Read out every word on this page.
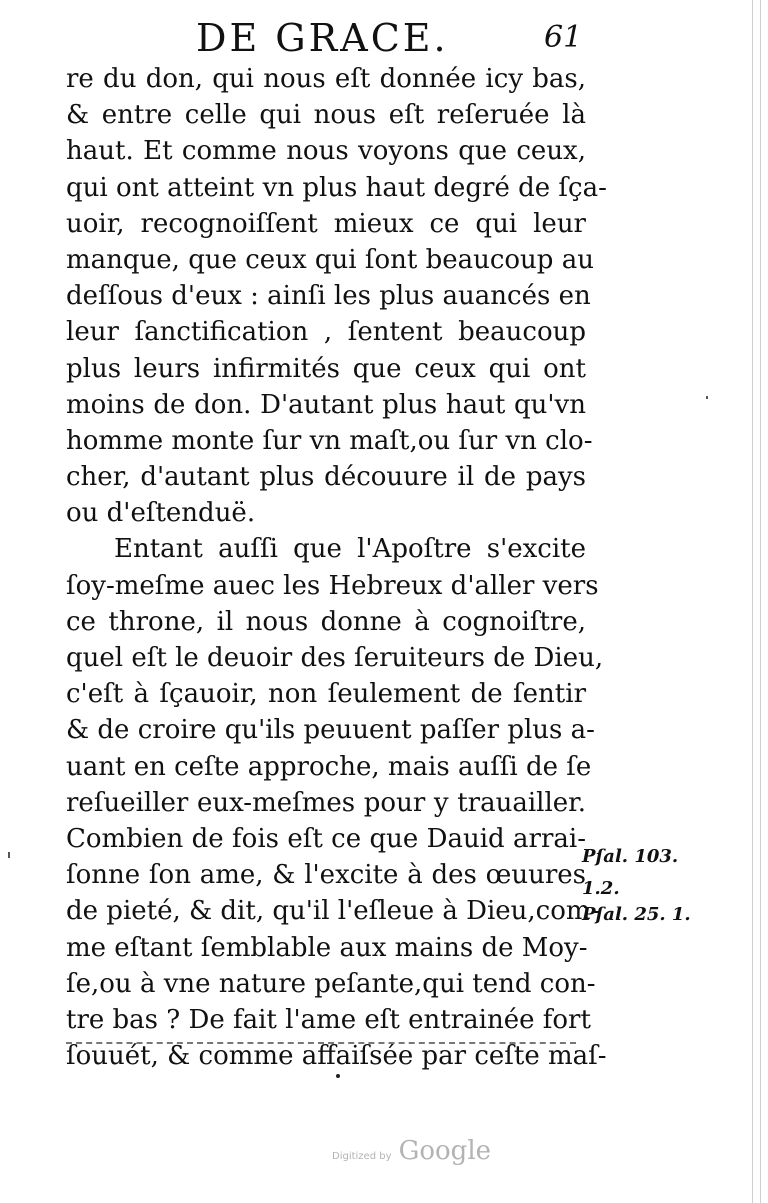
DE GRACE.	61
re du don, qui nous eſt donnée icy bas,
& entre celle qui nous eſt reſeruée là
haut. Et comme nous voyons que ceux,
qui ont atteint vn plus haut degré de ſça-
uoir, recognoiſſent mieux ce qui leur
manque, que ceux qui ſont beaucoup au
deſſous d'eux : ainſi les plus auancés en
leur ſanctification , ſentent beaucoup
plus leurs infirmités que ceux qui ont
moins de don. D'autant plus haut qu'vn
homme monte ſur vn maſt,ou ſur vn clo-
cher, d'autant plus découure il de pays
ou d'eſtenduë.
Entant auſſi que l'Apoſtre s'excite
ſoy-meſme auec les Hebreux d'aller vers
ce throne, il nous donne à cognoiſtre,
quel eſt le deuoir des ſeruiteurs de Dieu,
c'eſt à ſçauoir, non ſeulement de ſentir
& de croire qu'ils peuuent paſſer plus a-
uant en ceſte approche, mais auſſi de ſe
reſueiller eux-meſmes pour y trauailler.
Combien de fois eſt ce que Dauid arrai-
ſonne ſon ame, & l'excite à des œuures
de pieté, & dit, qu'il l'eſleue à Dieu,com-
me eſtant ſemblable aux mains de Moy-
ſe,ou à vne nature peſante,qui tend con-
tre bas ? De fait l'ame eſt entrainée fort
ſouuét, & comme affaiſsée par ceſte maſ-
Pſal. 103.
1.2.
Pſal. 25. 1.
Digitized by Google
